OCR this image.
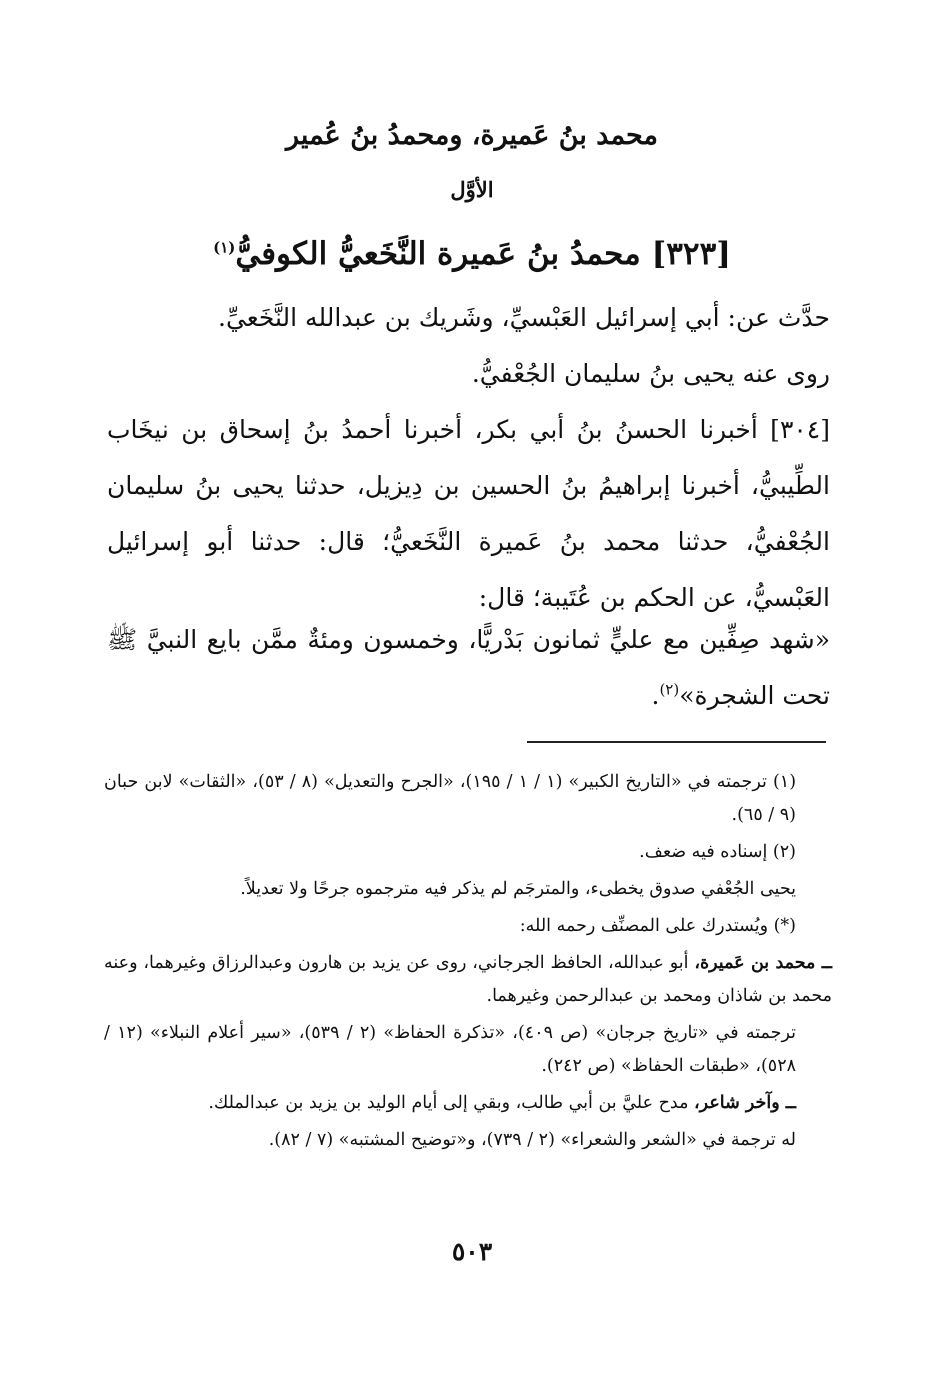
محمد بنُ عَميرة، ومحمدُ بنُ عُمير
الأوَّل
[٣٢٣] محمدُ بنُ عَميرة النَّخَعيُّ الكوفيُّ$^{(١)}$

حدَّث عن: أبي إسرائيل العَبْسيِّ، وشَريك بن عبدالله النَّخَعيِّ.

روى عنه يحيى بنُ سليمان الجُعْفيُّ.

[٣٠٤] أخبرنا الحسنُ بنُ أبي بكر، أخبرنا أحمدُ بنُ إسحاق بن نيخَاب الطِّيبيُّ، أخبرنا إبراهيمُ بنُ الحسين بن دِيزيل، حدثنا يحيى بنُ سليمان الجُعْفيُّ، حدثنا محمد بنُ عَميرة النَّخَعيُّ؛ قال: حدثنا أبو إسرائيل العَبْسيُّ، عن الحكم بن عُتَيبة؛ قال:

«شهد صِفِّين مع عليٍّ ثمانون بَدْريًّا، وخمسون ومئةٌ ممَّن بايع النبيَّ ﷺ تحت الشجرة»$^{(٢)}$.

(١) ترجمته في «التاريخ الكبير» (١ / ١ / ١٩٥)، «الجرح والتعديل» (٨ / ٥٣)، «الثقات» لابن حبان (٩ / ٦٥).

(٢) إسناده فيه ضعف.

يحيى الجُعْفي صدوق يخطىء، والمترجَم لم يذكر فيه مترجموه جرحًا ولا تعديلاً.

(*) ويُستدرك على المصنِّف رحمه الله:

ــ محمد بن عَميرة، أبو عبدالله، الحافظ الجرجاني، روى عن يزيد بن هارون وعبدالرزاق وغيرهما، وعنه محمد بن شاذان ومحمد بن عبدالرحمن وغيرهما.

ترجمته في «تاريخ جرجان» (ص ٤٠٩)، «تذكرة الحفاظ» (٢ / ٥٣٩)، «سير أعلام النبلاء» (١٢ / ٥٢٨)، «طبقات الحفاظ» (ص ٢٤٢).

ــ وآخر شاعر، مدح عليَّ بن أبي طالب، وبقي إلى أيام الوليد بن يزيد بن عبدالملك.

له ترجمة في «الشعر والشعراء» (٢ / ٧٣٩)، و«توضيح المشتبه» (٧ / ٨٢).

٥٠٣
